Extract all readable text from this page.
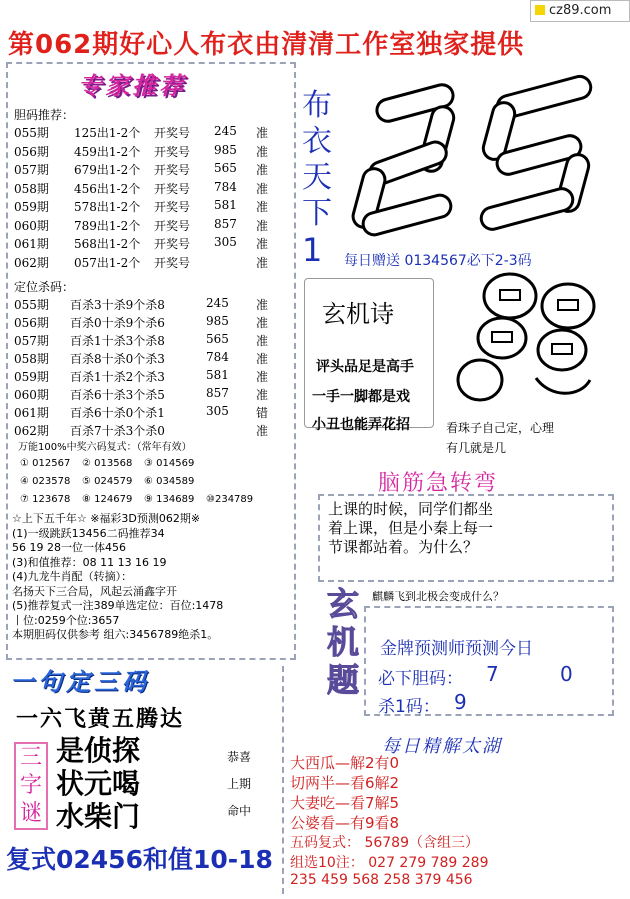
cz89.com
第062期好心人布衣由清清工作室独家提供
专家推荐
胆码推荐：
055期 125出1-2个 开奖号 245 准
056期 459出1-2个 开奖号 985 准
057期 679出1-2个 开奖号 565 准
058期 456出1-2个 开奖号 784 准
059期 578出1-2个 开奖号 581 准
060期 789出1-2个 开奖号 857 准
061期 568出1-2个 开奖号 305 准
062期 057出1-2个 开奖号	准
定位杀码：
055期 百杀3十杀9个杀8	245 准
056期 百杀0十杀9个杀6	985 准
057期 百杀1十杀3个杀8	565 准
058期 百杀8十杀0个杀3	784 准
059期 百杀1十杀2个杀3	581 准
060期 百杀6十杀3个杀5	857 准
061期 百杀6十杀0个杀1	305 错
062期 百杀7十杀3个杀0	准
万能100%中奖六码复式：（常年有效）
① 012567 ② 013568 ③ 014569
④ 023578 ⑤ 024579 ⑥ 034589
⑦ 123678 ⑧ 124679 ⑨ 134689 ⑩234789
☆上下五千年☆ ※福彩3D预测062期※
(1)一级跳跃13456二码推荐34
56 19 28一位一体456
(3)和值推荐：08 11 13 16 19
(4)九龙牛肖配（转摘）：
名扬天下三合局，风起云涌鑫字开
(5)推荐复式一注389单选定位：百位:1478
丨位:0259个位:3657
本期胆码仅供参考 组六:3456789绝杀1。
布
衣
天
下
1	每日赠送 0134567必下2-3码
玄机诗
评头品足是高手
一手一脚都是戏
小丑也能弄花招	看珠子自己定，心理
有几就是几
脑筋急转弯
上课的时候，同学们都坐
着上课，但是小秦上每一
节课都站着。为什么？
玄
机
题
麒麟飞到北极会变成什么？
金牌预测师预测今日
必下胆码： 7	0
杀1码： 9
一句定三码
一六飞黄五腾达
三
字
谜
是侦探
状元喝
水柴门
恭喜
上期
命中
复式02456和值10-18
每日精解太湖
大西瓜—解2有0
切两半—看6解2
大妻吃—看7解5
公婆看—有9看8
五码复式： 56789（含组三）
组选10注： 027 279 789 289
235 459 568 258 379 456
